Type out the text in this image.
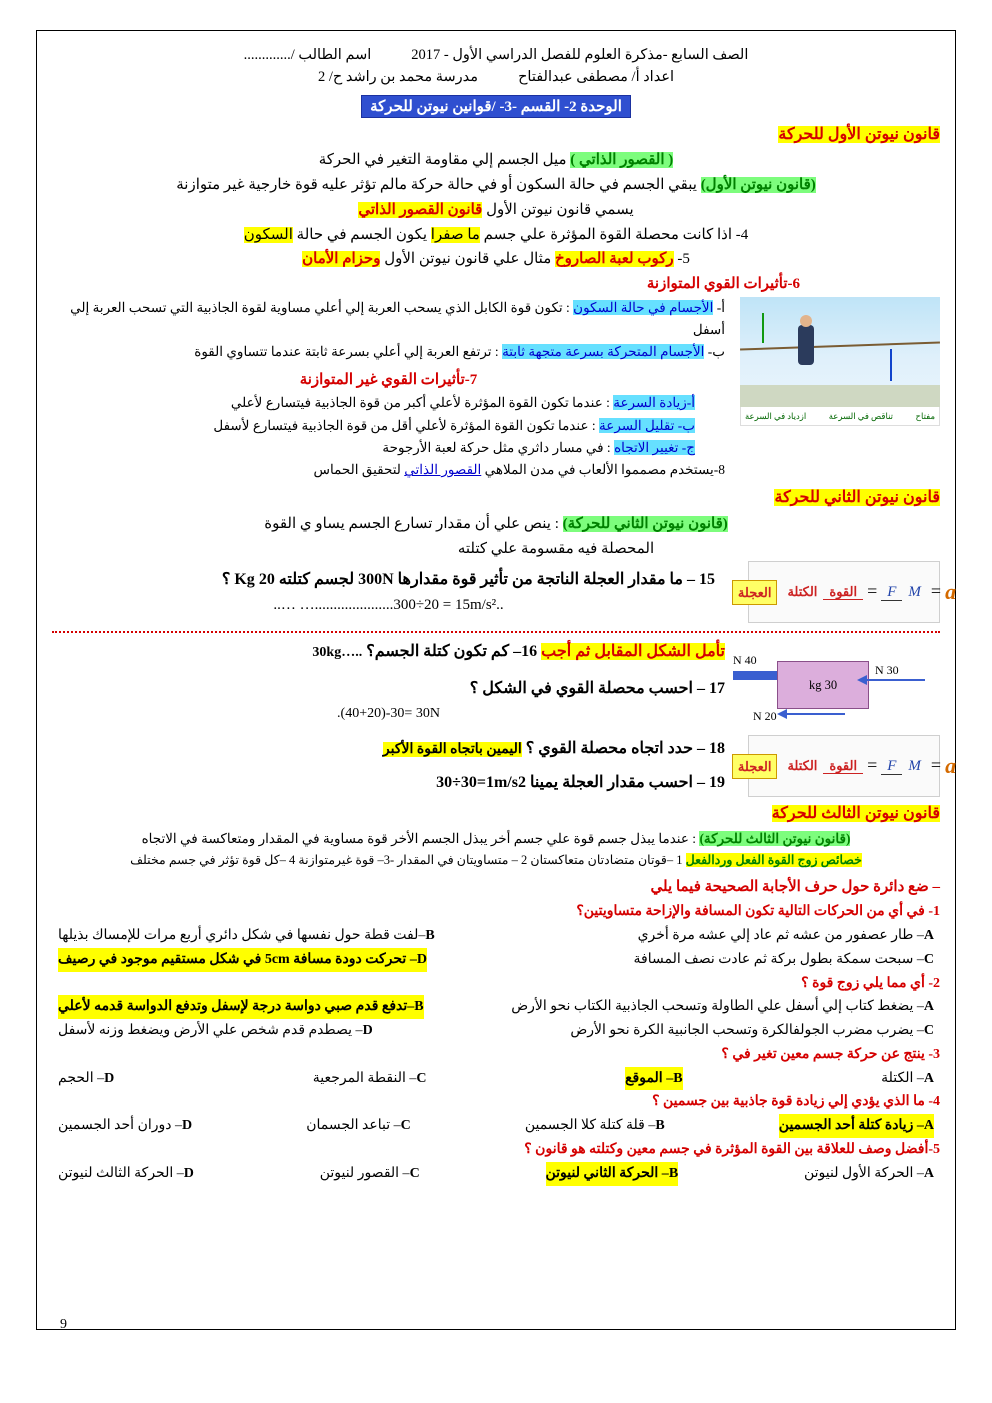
الصف السابع -مذكرة العلوم للفصل الدراسي الأول - 2017
اسم الطالب /.............
اعداد أ/ مصطفى عبدالفتاح
مدرسة محمد بن راشد ح/ 2
الوحدة 2- القسم -3- /قوانين نيوتن للحركة

قانون نيوتن الأول للحركة

( القصور الذاتي ) ميل الجسم إلي مقاومة التغير في الحركة

(قانون نيوتن الأول) يبقي الجسم في حالة السكون أو في حالة حركة مالم تؤثر عليه قوة خارجية غير متوازنة

يسمي قانون نيوتن الأول قانون القصور الذاتي

4- اذا كانت محصلة القوة المؤثرة علي جسم ما صفرا يكون الجسم في حالة السكون

5- ركوب لعبة الصاروخ مثال علي قانون نيوتن الأول وحزام الأمان

6-تأثيرات القوي المتوازنة

مفتاح
تناقص في السرعة
ازدياد في السرعة

أ- الأجسام في حالة السكون : تكون قوة الكابل الذي يسحب العربة إلي أعلي مساوية لقوة الجاذبية التي تسحب العربة إلي أسفل

ب- الأجسام المتحركة بسرعة متجهة ثابتة : ترتفع العربة إلي أعلي بسرعة ثابتة عندما تتساوي القوة

7-تأثيرات القوي غير المتوازنة

أ-زيادة السرعة : عندما تكون القوة المؤثرة لأعلي أكبر من قوة الجاذبية فيتسارع لأعلي

ب- تقليل السرعة : عندما تكون القوة المؤثرة لأعلي أقل من قوة الجاذبية فيتسارع لأسفل

ج- تغيير الاتجاه : في مسار داثري مثل حركة لعبة الأرجوحة

8-يستخدم مصمموا الألعاب في مدن الملاهي القصور الذاتي لتحقيق الحماس

قانون نيوتن الثاني للحركة

(قانون نيوتن الثاني للحركة) : ينص علي أن مقدار تسارع الجسم يساو ي القوة

المحصلة فيه مقسومة علي كتلته

a
=
F M
=
القوةالكتلة
العجلة

15 – ما مقدار العجلة الناتجة من تأثير قوة مقدارها 300N لجسم كتلته 20 Kg ؟

..… ….....................300÷20 = 15m/s²..

30 kg
40 N
30 N
20 N

تأمل الشكل المقابل ثم أجب 16– كم تكون كتلة الجسم؟ 30kg…..

17 – احسب محصلة القوي في الشكل ؟

.(40+20)-30= 30N

a
=
F M
=
القوةالكتلة
العجلة

18 – حدد اتجاه محصلة القوي ؟ اليمين باتجاه القوة الأكبر

19 – احسب مقدار العجلة يمينا 30÷30=1m/s2

قانون نيوتن الثالث للحركة

(قانون نيوتن الثالث للحركة) : عندما يبذل جسم قوة علي جسم أخر يبذل الجسم الأخر قوة مساوية في المقدار ومتعاكسة في الاتجاه

خصائص زوج القوة الفعل وردالفعل 1 –قوتان متضادتان متعاكستان 2 – متساويتان في المقدار -3– قوة غيرمتوازنة 4 –كل قوة تؤثر في جسم مختلف

– ضع دائرة حول حرف الأجابة الصحيحة فيما يلي

1- في أي من الحركات التالية تكون المسافة والإزاحة متساويتين؟

A– طار عصفور من عشه ثم عاد إلي عشه مرة أخري
B–لفت قطة حول نفسها في شكل دائري أربع مرات للإمساك بذيلها
C– سبحت سمكة بطول بركة ثم عادت نصف المسافة
D– تحركت دودة مسافة 5cm في شكل مستقيم موجود في رصيف

2- أي مما يلي زوج قوة ؟

A– يضغط كتاب إلي أسفل علي الطاولة وتسحب الجاذبية الكتاب نحو الأرض
B–تدفع قدم صبي دواسة درجة لإسفل وتدفع الدواسة قدمه لأعلي
C– يضرب مضرب الجولفالكرة وتسحب الجانبية الكرة نحو الأرض
D– يصطدم قدم شخص علي الأرض ويضغط وزنه لأسفل

3- ينتج عن حركة جسم معين تغير في ؟

A– الكتلة
B– الموقع
C– النقطة المرجعية
D– الحجم

4- ما الذي يؤدي إلي زيادة قوة جاذبية بين جسمين ؟

A– زيادة كتلة أحد الجسمين
B– قلة كتلة كلا الجسمين
C– تباعد الجسمان
D– دوران أحد الجسمين

5-أفضل وصف للعلاقة بين القوة المؤثرة في جسم معين وكتلته هو قانون ؟

A– الحركة الأول لنيوتن
B– الحركة الثاني لنيوتن
C– القصور لنيوتن
D– الحركة الثالث لنيوتن
9
